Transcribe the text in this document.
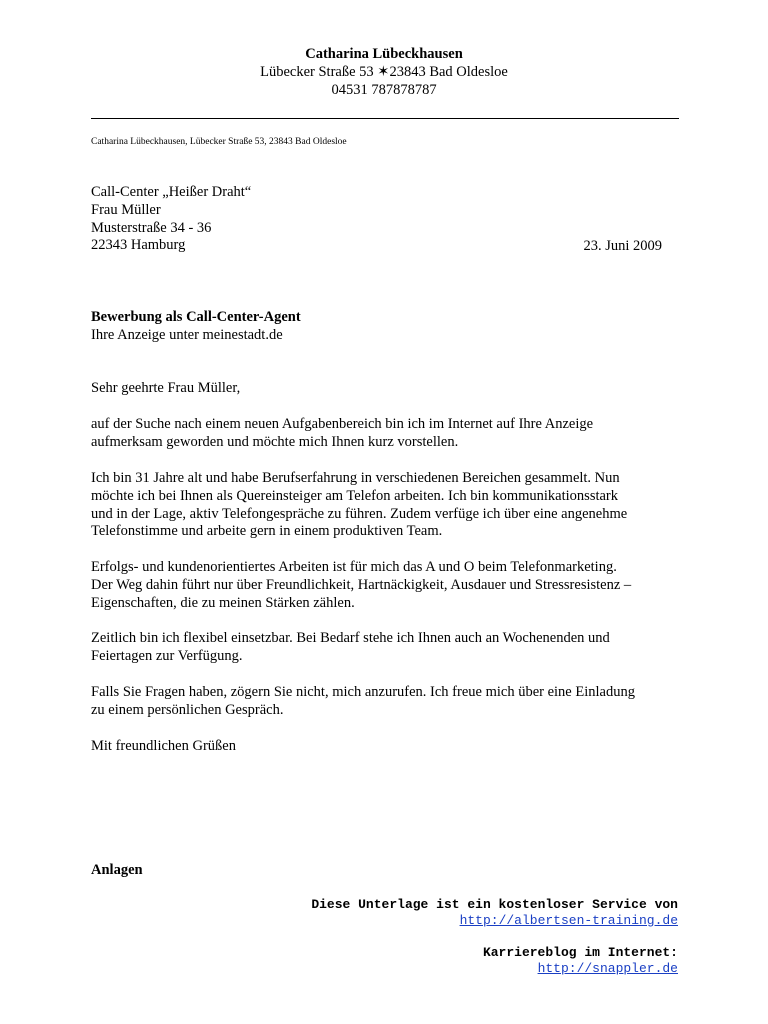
Catharina Lübeckhausen
Lübecker Straße 53 ✶23843 Bad Oldesloe
04531 787878787
Catharina Lübeckhausen, Lübecker Straße 53, 23843 Bad Oldesloe
Call-Center „Heißer Draht“
Frau Müller
Musterstraße 34 - 36
22343 Hamburg	23. Juni 2009
Bewerbung als Call-Center-Agent
Ihre Anzeige unter meinestadt.de
Sehr geehrte Frau Müller,
auf der Suche nach einem neuen Aufgabenbereich bin ich im Internet auf Ihre Anzeige
aufmerksam geworden und möchte mich Ihnen kurz vorstellen.
Ich bin 31 Jahre alt und habe Berufserfahrung in verschiedenen Bereichen gesammelt. Nun
möchte ich bei Ihnen als Quereinsteiger am Telefon arbeiten. Ich bin kommunikationsstark
und in der Lage, aktiv Telefongespräche zu führen. Zudem verfüge ich über eine angenehme
Telefonstimme und arbeite gern in einem produktiven Team.
Erfolgs- und kundenorientiertes Arbeiten ist für mich das A und O beim Telefonmarketing.
Der Weg dahin führt nur über Freundlichkeit, Hartnäckigkeit, Ausdauer und Stressresistenz –
Eigenschaften, die zu meinen Stärken zählen.
Zeitlich bin ich flexibel einsetzbar. Bei Bedarf stehe ich Ihnen auch an Wochenenden und
Feiertagen zur Verfügung.
Falls Sie Fragen haben, zögern Sie nicht, mich anzurufen. Ich freue mich über eine Einladung
zu einem persönlichen Gespräch.
Mit freundlichen Grüßen
Anlagen
Diese Unterlage ist ein kostenloser Service von
http://albertsen-training.de
Karriereblog im Internet:
http://snappler.de
